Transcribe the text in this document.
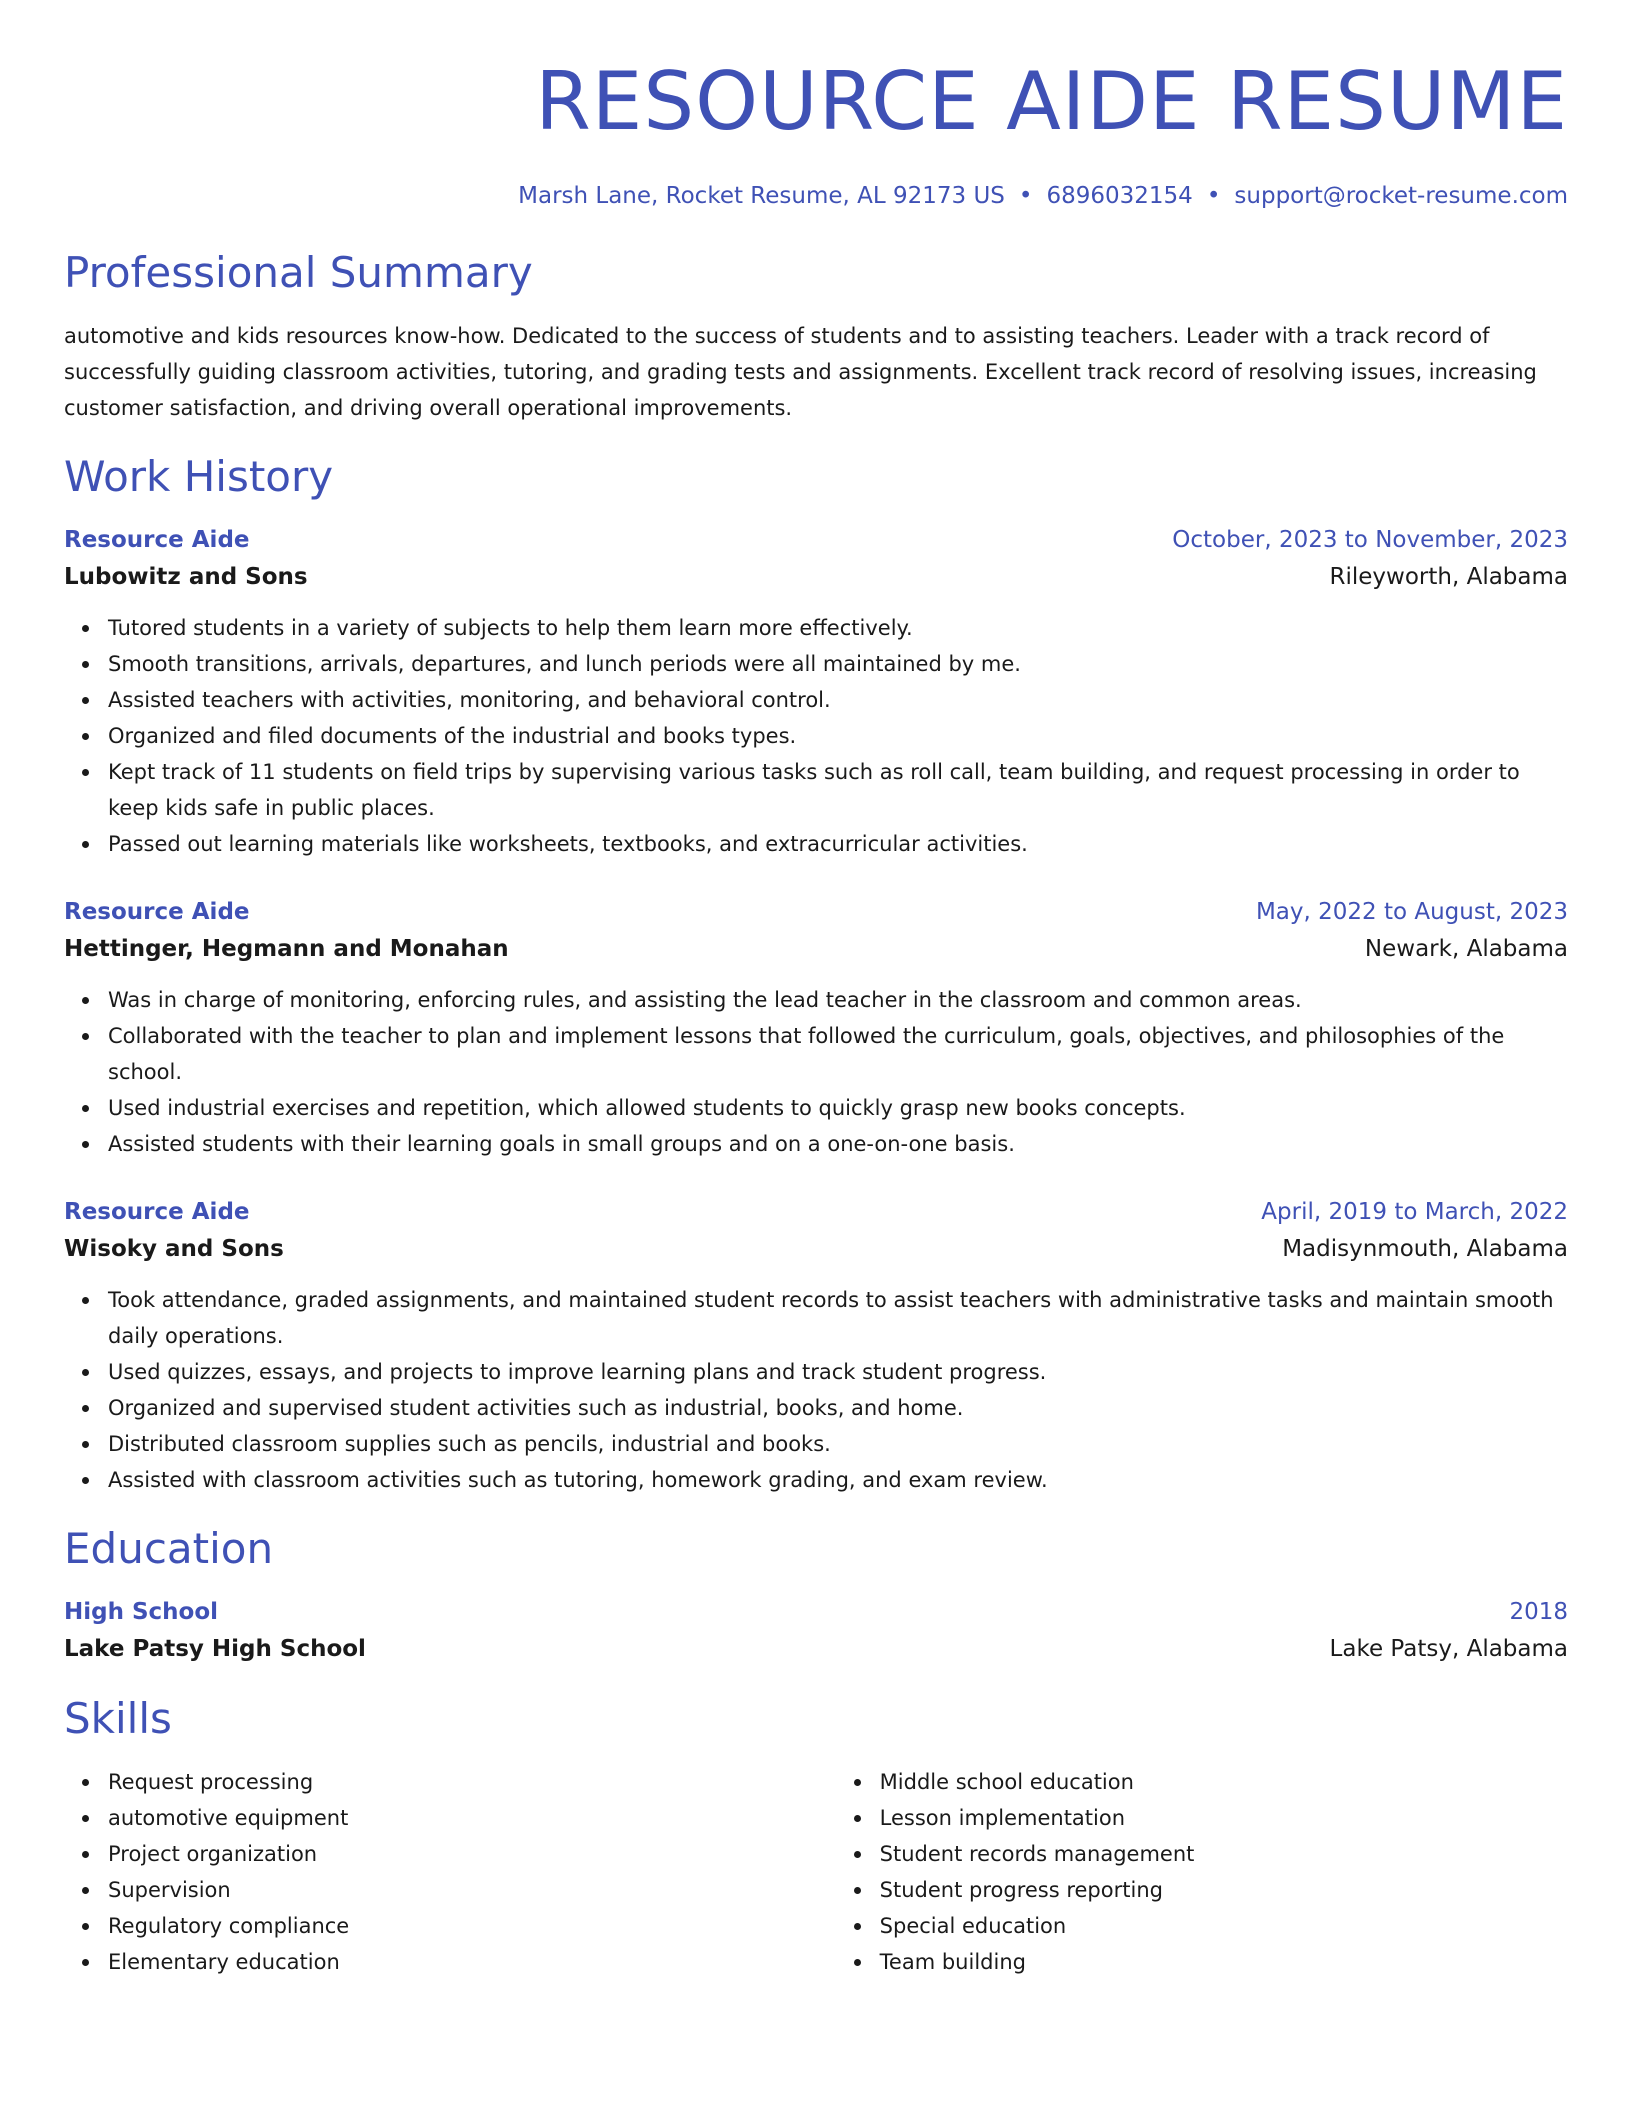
RESOURCE AIDE RESUME
Marsh Lane, Rocket Resume, AL 92173 US • 6896032154 • support@rocket-resume.com
Professional Summary
automotive and kids resources know-how. Dedicated to the success of students and to assisting teachers. Leader with a track record of successfully guiding classroom activities, tutoring, and grading tests and assignments. Excellent track record of resolving issues, increasing customer satisfaction, and driving overall operational improvements.
Work History
Resource Aide	October, 2023 to November, 2023
Lubowitz and Sons	Rileyworth, Alabama
Tutored students in a variety of subjects to help them learn more effectively.
Smooth transitions, arrivals, departures, and lunch periods were all maintained by me.
Assisted teachers with activities, monitoring, and behavioral control.
Organized and filed documents of the industrial and books types.
Kept track of 11 students on field trips by supervising various tasks such as roll call, team building, and request processing in order to keep kids safe in public places.
Passed out learning materials like worksheets, textbooks, and extracurricular activities.
Resource Aide	May, 2022 to August, 2023
Hettinger, Hegmann and Monahan	Newark, Alabama
Was in charge of monitoring, enforcing rules, and assisting the lead teacher in the classroom and common areas.
Collaborated with the teacher to plan and implement lessons that followed the curriculum, goals, objectives, and philosophies of the school.
Used industrial exercises and repetition, which allowed students to quickly grasp new books concepts.
Assisted students with their learning goals in small groups and on a one-on-one basis.
Resource Aide	April, 2019 to March, 2022
Wisoky and Sons	Madisynmouth, Alabama
Took attendance, graded assignments, and maintained student records to assist teachers with administrative tasks and maintain smooth daily operations.
Used quizzes, essays, and projects to improve learning plans and track student progress.
Organized and supervised student activities such as industrial, books, and home.
Distributed classroom supplies such as pencils, industrial and books.
Assisted with classroom activities such as tutoring, homework grading, and exam review.
Education
High School	2018
Lake Patsy High School	Lake Patsy, Alabama
Skills
Request processing
automotive equipment
Project organization
Supervision
Regulatory compliance
Elementary education
Middle school education
Lesson implementation
Student records management
Student progress reporting
Special education
Team building
